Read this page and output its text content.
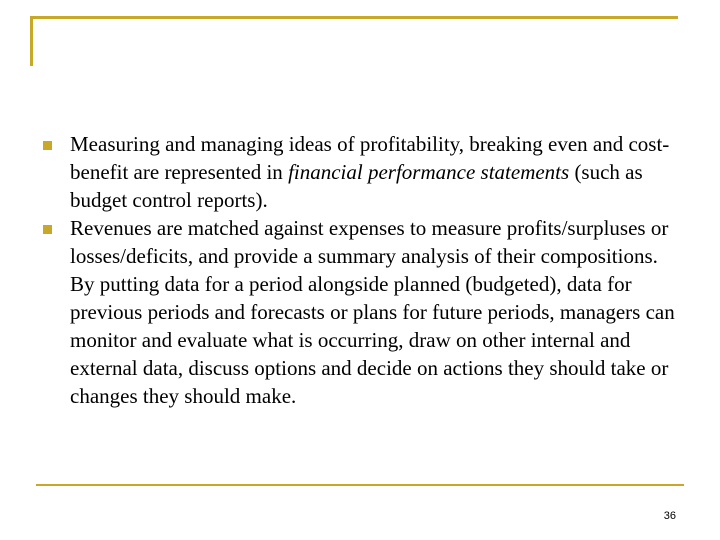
Measuring and managing ideas of profitability, breaking even and cost-benefit are represented in financial performance statements (such as budget control reports).
Revenues are matched against expenses to measure profits/surpluses or losses/deficits, and provide a summary analysis of their compositions. By putting data for a period alongside planned (budgeted), data for previous periods and forecasts or plans for future periods, managers can monitor and evaluate what is occurring, draw on other internal and external data, discuss options and decide on actions they should take or changes they should make.
36
